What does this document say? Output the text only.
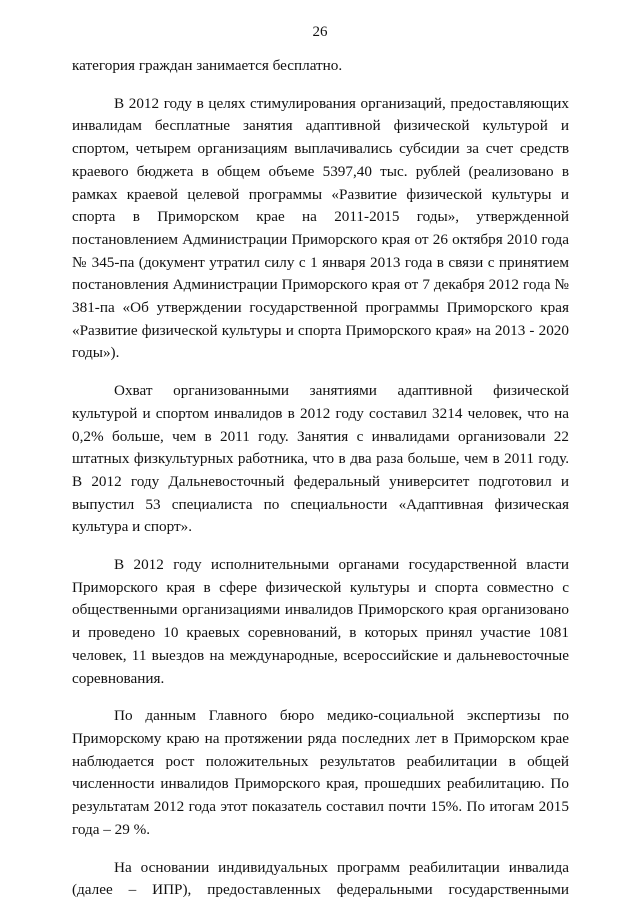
26

категория граждан занимается бесплатно.

В 2012 году в целях стимулирования организаций, предоставляющих инвалидам бесплатные занятия адаптивной физической культурой и спортом, четырем организациям выплачивались субсидии за счет средств краевого бюджета в общем объеме 5397,40 тыс. рублей (реализовано в рамках краевой целевой программы «Развитие физической культуры и спорта в Приморском крае на 2011-2015 годы», утвержденной постановлением Администрации Приморского края от 26 октября 2010 года № 345-па (документ утратил силу с 1 января 2013 года в связи с принятием постановления Администрации Приморского края от 7 декабря 2012 года № 381-па «Об утверждении государственной программы Приморского края «Развитие физической культуры и спорта Приморского края» на 2013 - 2020 годы»).

Охват организованными занятиями адаптивной физической культурой и спортом инвалидов в 2012 году составил 3214 человек, что на 0,2% больше, чем в 2011 году. Занятия с инвалидами организовали 22 штатных физкультурных работника, что в два раза больше, чем в 2011 году. В 2012 году Дальневосточный федеральный университет подготовил и выпустил 53 специалиста по специальности «Адаптивная физическая культура и спорт».

В 2012 году исполнительными органами государственной власти Приморского края в сфере физической культуры и спорта совместно с общественными организациями инвалидов Приморского края организовано и проведено 10 краевых соревнований, в которых принял участие 1081 человек, 11 выездов на международные, всероссийские и дальневосточные соревнования.

По данным Главного бюро медико-социальной экспертизы по Приморскому краю на протяжении ряда последних лет в Приморском крае наблюдается рост положительных результатов реабилитации в общей численности инвалидов Приморского края, прошедших реабилитацию. По результатам 2012 года этот показатель составил почти 15%. По итогам 2015 года – 29 %.

На основании индивидуальных программ реабилитации инвалида (далее – ИПР), предоставленных федеральными государственными
